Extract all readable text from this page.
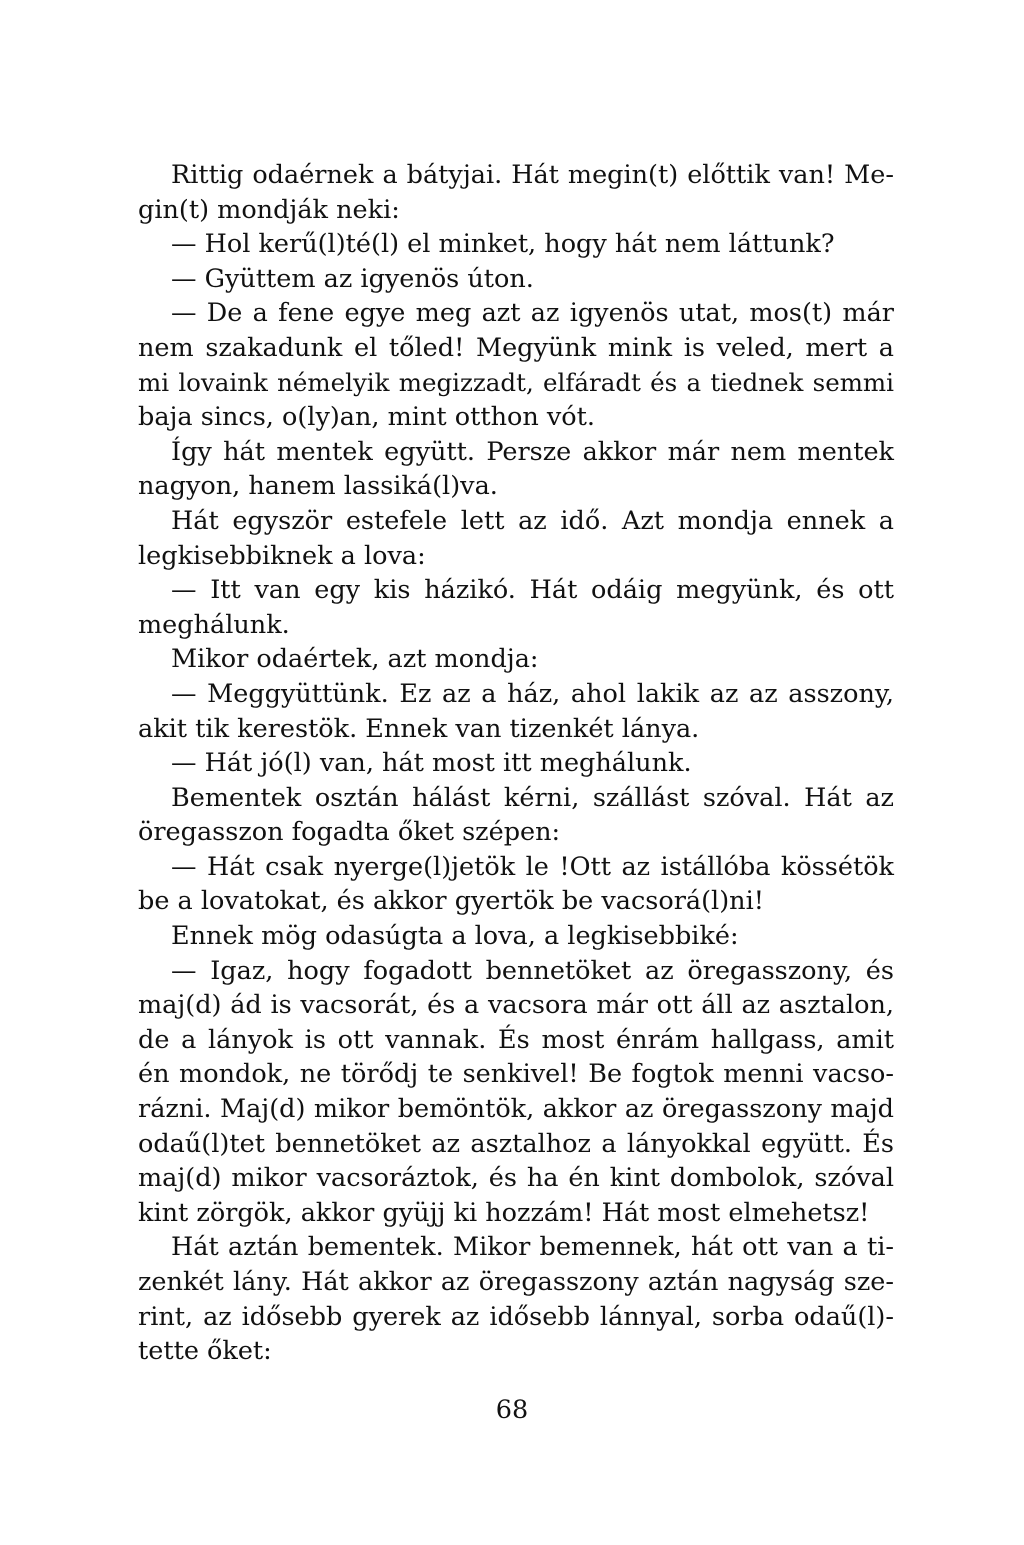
Rittig odaérnek a bátyjai. Hát megin(t) előttik van! Me-
gin(t) mondják neki:
— Hol kerű(l)té(l) el minket, hogy hát nem láttunk?
— Gyüttem az igyenös úton.
— De a fene egye meg azt az igyenös utat, mos(t) már
nem szakadunk el tőled! Megyünk mink is veled, mert a
mi lovaink némelyik megizzadt, elfáradt és a tiednek semmi
baja sincs, o(ly)an, mint otthon vót.
Így hát mentek együtt. Persze akkor már nem mentek
nagyon, hanem lassiká(l)va.
Hát egyször estefele lett az idő. Azt mondja ennek a
legkisebbiknek a lova:
— Itt van egy kis házikó. Hát odáig megyünk, és ott
meghálunk.
Mikor odaértek, azt mondja:
— Meggyüttünk. Ez az a ház, ahol lakik az az asszony,
akit tik kerestök. Ennek van tizenkét lánya.
— Hát jó(l) van, hát most itt meghálunk.
Bementek osztán hálást kérni, szállást szóval. Hát az
öregasszon fogadta őket szépen:
— Hát csak nyerge(l)jetök le !Ott az istállóba kössétök
be a lovatokat, és akkor gyertök be vacsorá(l)ni!
Ennek mög odasúgta a lova, a legkisebbiké:
— Igaz, hogy fogadott bennetöket az öregasszony, és
maj(d) ád is vacsorát, és a vacsora már ott áll az asztalon,
de a lányok is ott vannak. És most énrám hallgass, amit
én mondok, ne törődj te senkivel! Be fogtok menni vacso-
rázni. Maj(d) mikor bemöntök, akkor az öregasszony majd
odaű(l)tet bennetöket az asztalhoz a lányokkal együtt. És
maj(d) mikor vacsoráztok, és ha én kint dombolok, szóval
kint zörgök, akkor gyüjj ki hozzám! Hát most elmehetsz!
Hát aztán bementek. Mikor bemennek, hát ott van a ti-
zenkét lány. Hát akkor az öregasszony aztán nagyság sze-
rint, az idősebb gyerek az idősebb lánnyal, sorba odaű(l)-
tette őket:
68
